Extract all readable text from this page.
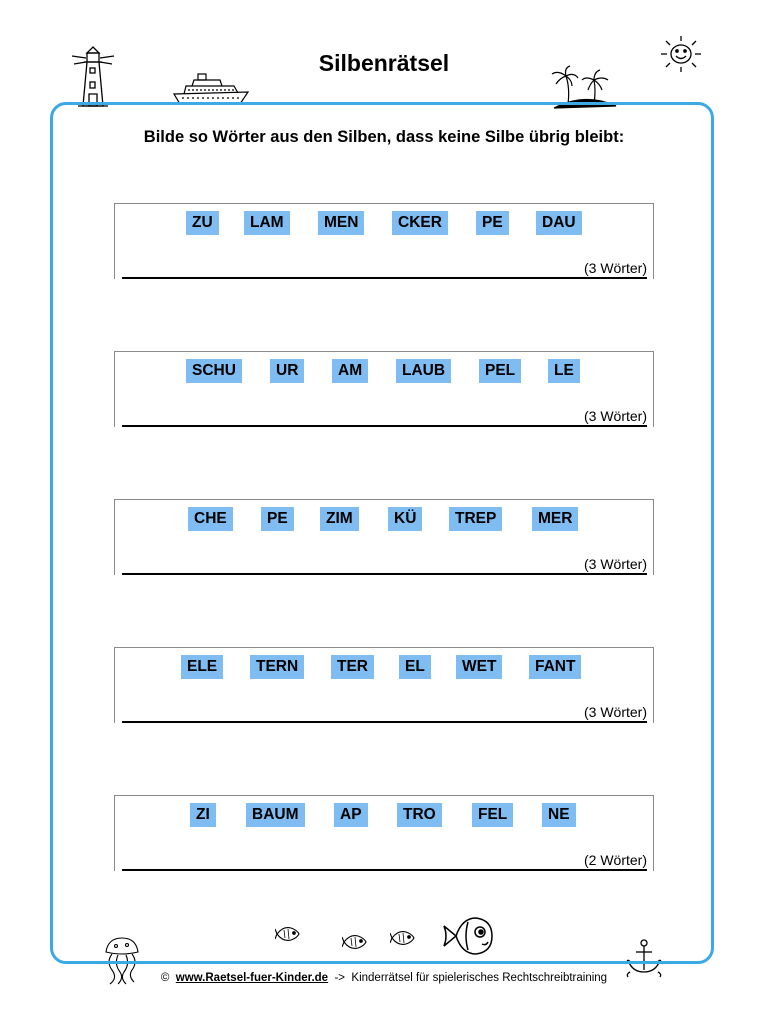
Silbenrätsel
Bilde so Wörter aus den Silben, dass keine Silbe übrig bleibt:
ZU	LAM	MEN	CKER	PE	DAU
(3 Wörter)
SCHU	UR	AM	LAUB	PEL	LE
(3 Wörter)
CHE	PE	ZIM	KÜ	TREP	MER
(3 Wörter)
ELE	TERN	TER	EL	WET	FANT
(3 Wörter)
ZI	BAUM	AP	TRO	FEL	NE
(2 Wörter)
© www.Raetsel-fuer-Kinder.de -> Kinderrätsel für spielerisches Rechtschreibtraining
